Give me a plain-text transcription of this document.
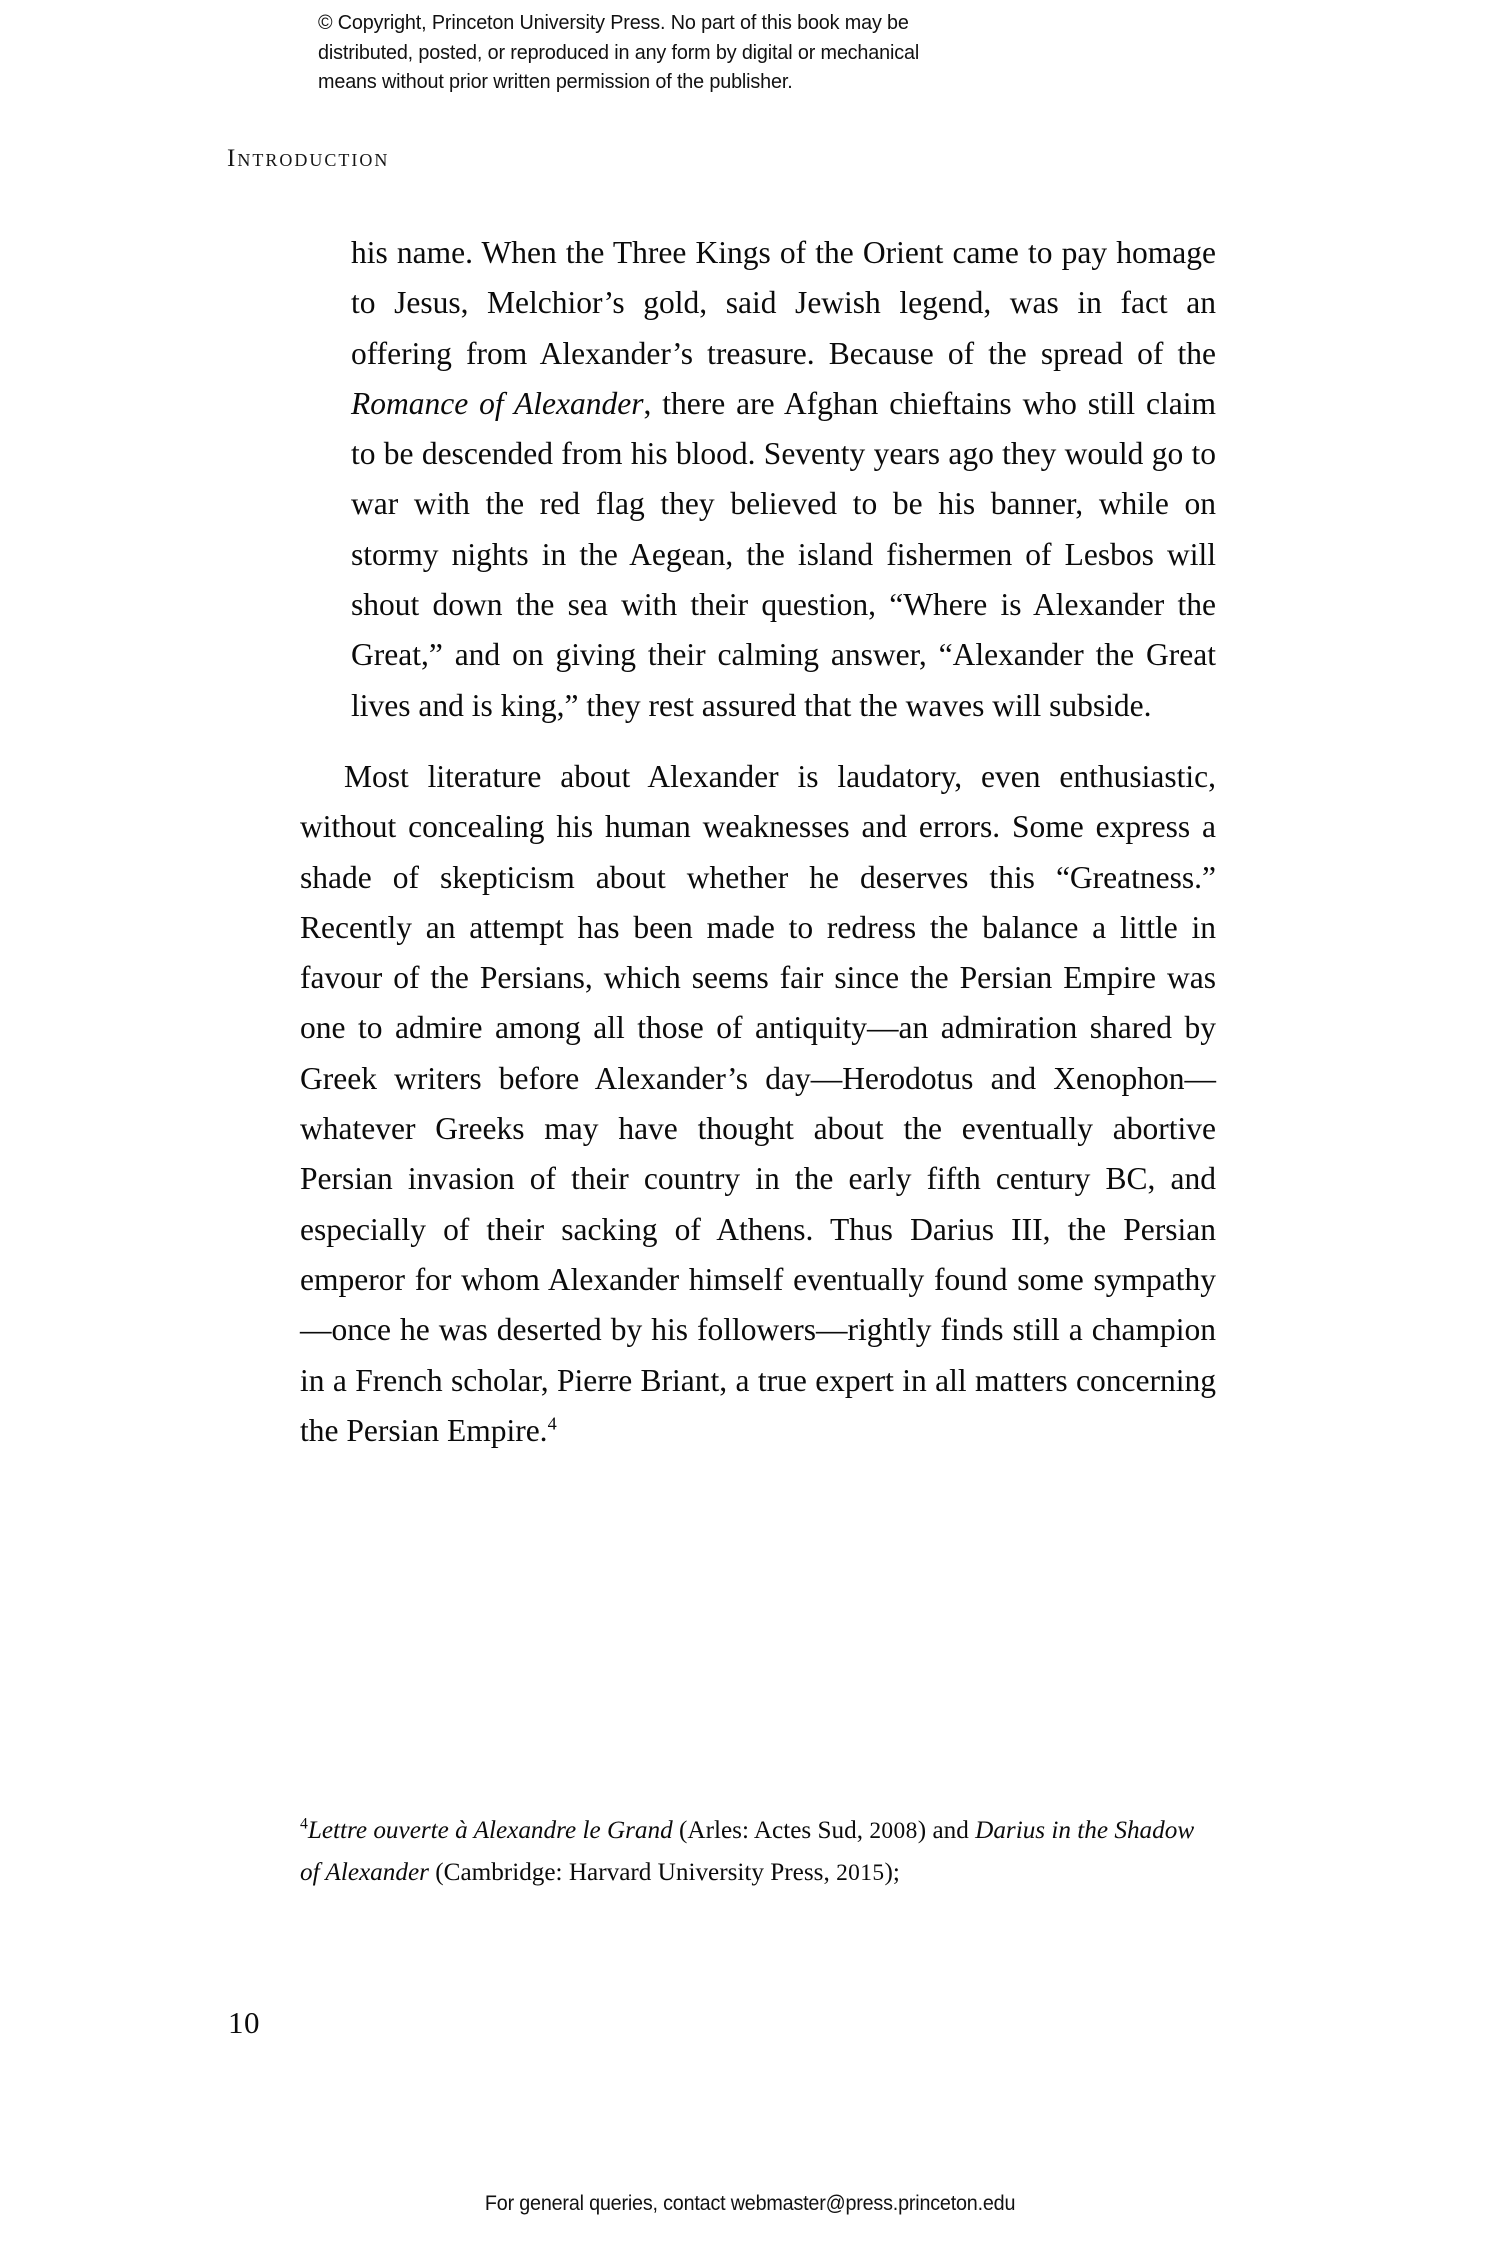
© Copyright, Princeton University Press. No part of this book may be
distributed, posted, or reproduced in any form by digital or mechanical
means without prior written permission of the publisher.
Introduction

his name. When the Three Kings of the Orient came to pay homage to Jesus, Melchior’s gold, said Jewish legend, was in fact an offering from Alexander’s treasure. Because of the spread of the Romance of Alexander, there are Afghan chieftains who still claim to be descended from his blood. Seventy years ago they would go to war with the red flag they believed to be his banner, while on stormy nights in the Aegean, the island fishermen of Lesbos will shout down the sea with their question, “Where is Alexander the Great,” and on giving their calming answer, “Alexander the Great lives and is king,” they rest assured that the waves will subside.

Most literature about Alexander is laudatory, even enthusiastic, without concealing his human weaknesses and errors. Some express a shade of skepticism about whether he deserves this “Greatness.” Recently an attempt has been made to redress the balance a little in favour of the Persians, which seems fair since the Persian Empire was one to admire among all those of antiquity—an admiration shared by Greek writers before Alexander’s day—Herodotus and Xenophon—whatever Greeks may have thought about the eventually abortive Persian invasion of their country in the early fifth century BC, and especially of their sacking of Athens. Thus Darius III, the Persian emperor for whom Alexander himself eventually found some sympathy—once he was deserted by his followers—rightly finds still a champion in a French scholar, Pierre Briant, a true expert in all matters concerning the Persian Empire.$^4$

$^4$Lettre ouverte à Alexandre le Grand (Arles: Actes Sud, 2008) and Darius in the Shadow of Alexander (Cambridge: Harvard University Press, 2015);
10
For general queries, contact webmaster@press.princeton.edu
